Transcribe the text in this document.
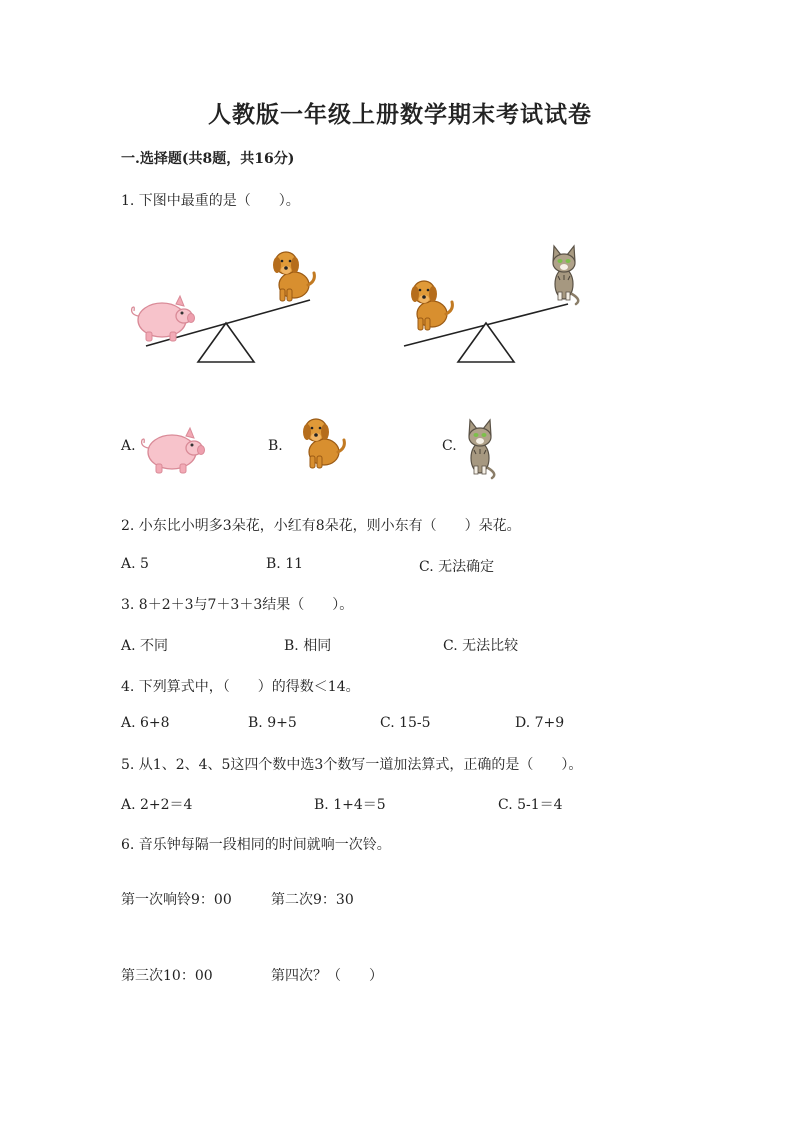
人教版一年级上册数学期末考试试卷
一.选择题(共8题，共16分)
1. 下图中最重的是（　　）。
A.	B.	C.
2. 小东比小明多3朵花，小红有8朵花，则小东有（　　）朵花。
A. 5	B. 11	C. 无法确定
3. 8＋2＋3与7＋3＋3结果（　　）。
A. 不同	B. 相同	C. 无法比较
4. 下列算式中，（　　）的得数＜14。
A. 6+8	B. 9+5	C. 15-5	D. 7+9
5. 从1、2、4、5这四个数中选3个数写一道加法算式，正确的是（　　）。
A. 2+2＝4	B. 1+4＝5	C. 5-1＝4
6. 音乐钟每隔一段相同的时间就响一次铃。
第一次响铃9：00	第二次9：30
第三次10：00	第四次？（　　）
